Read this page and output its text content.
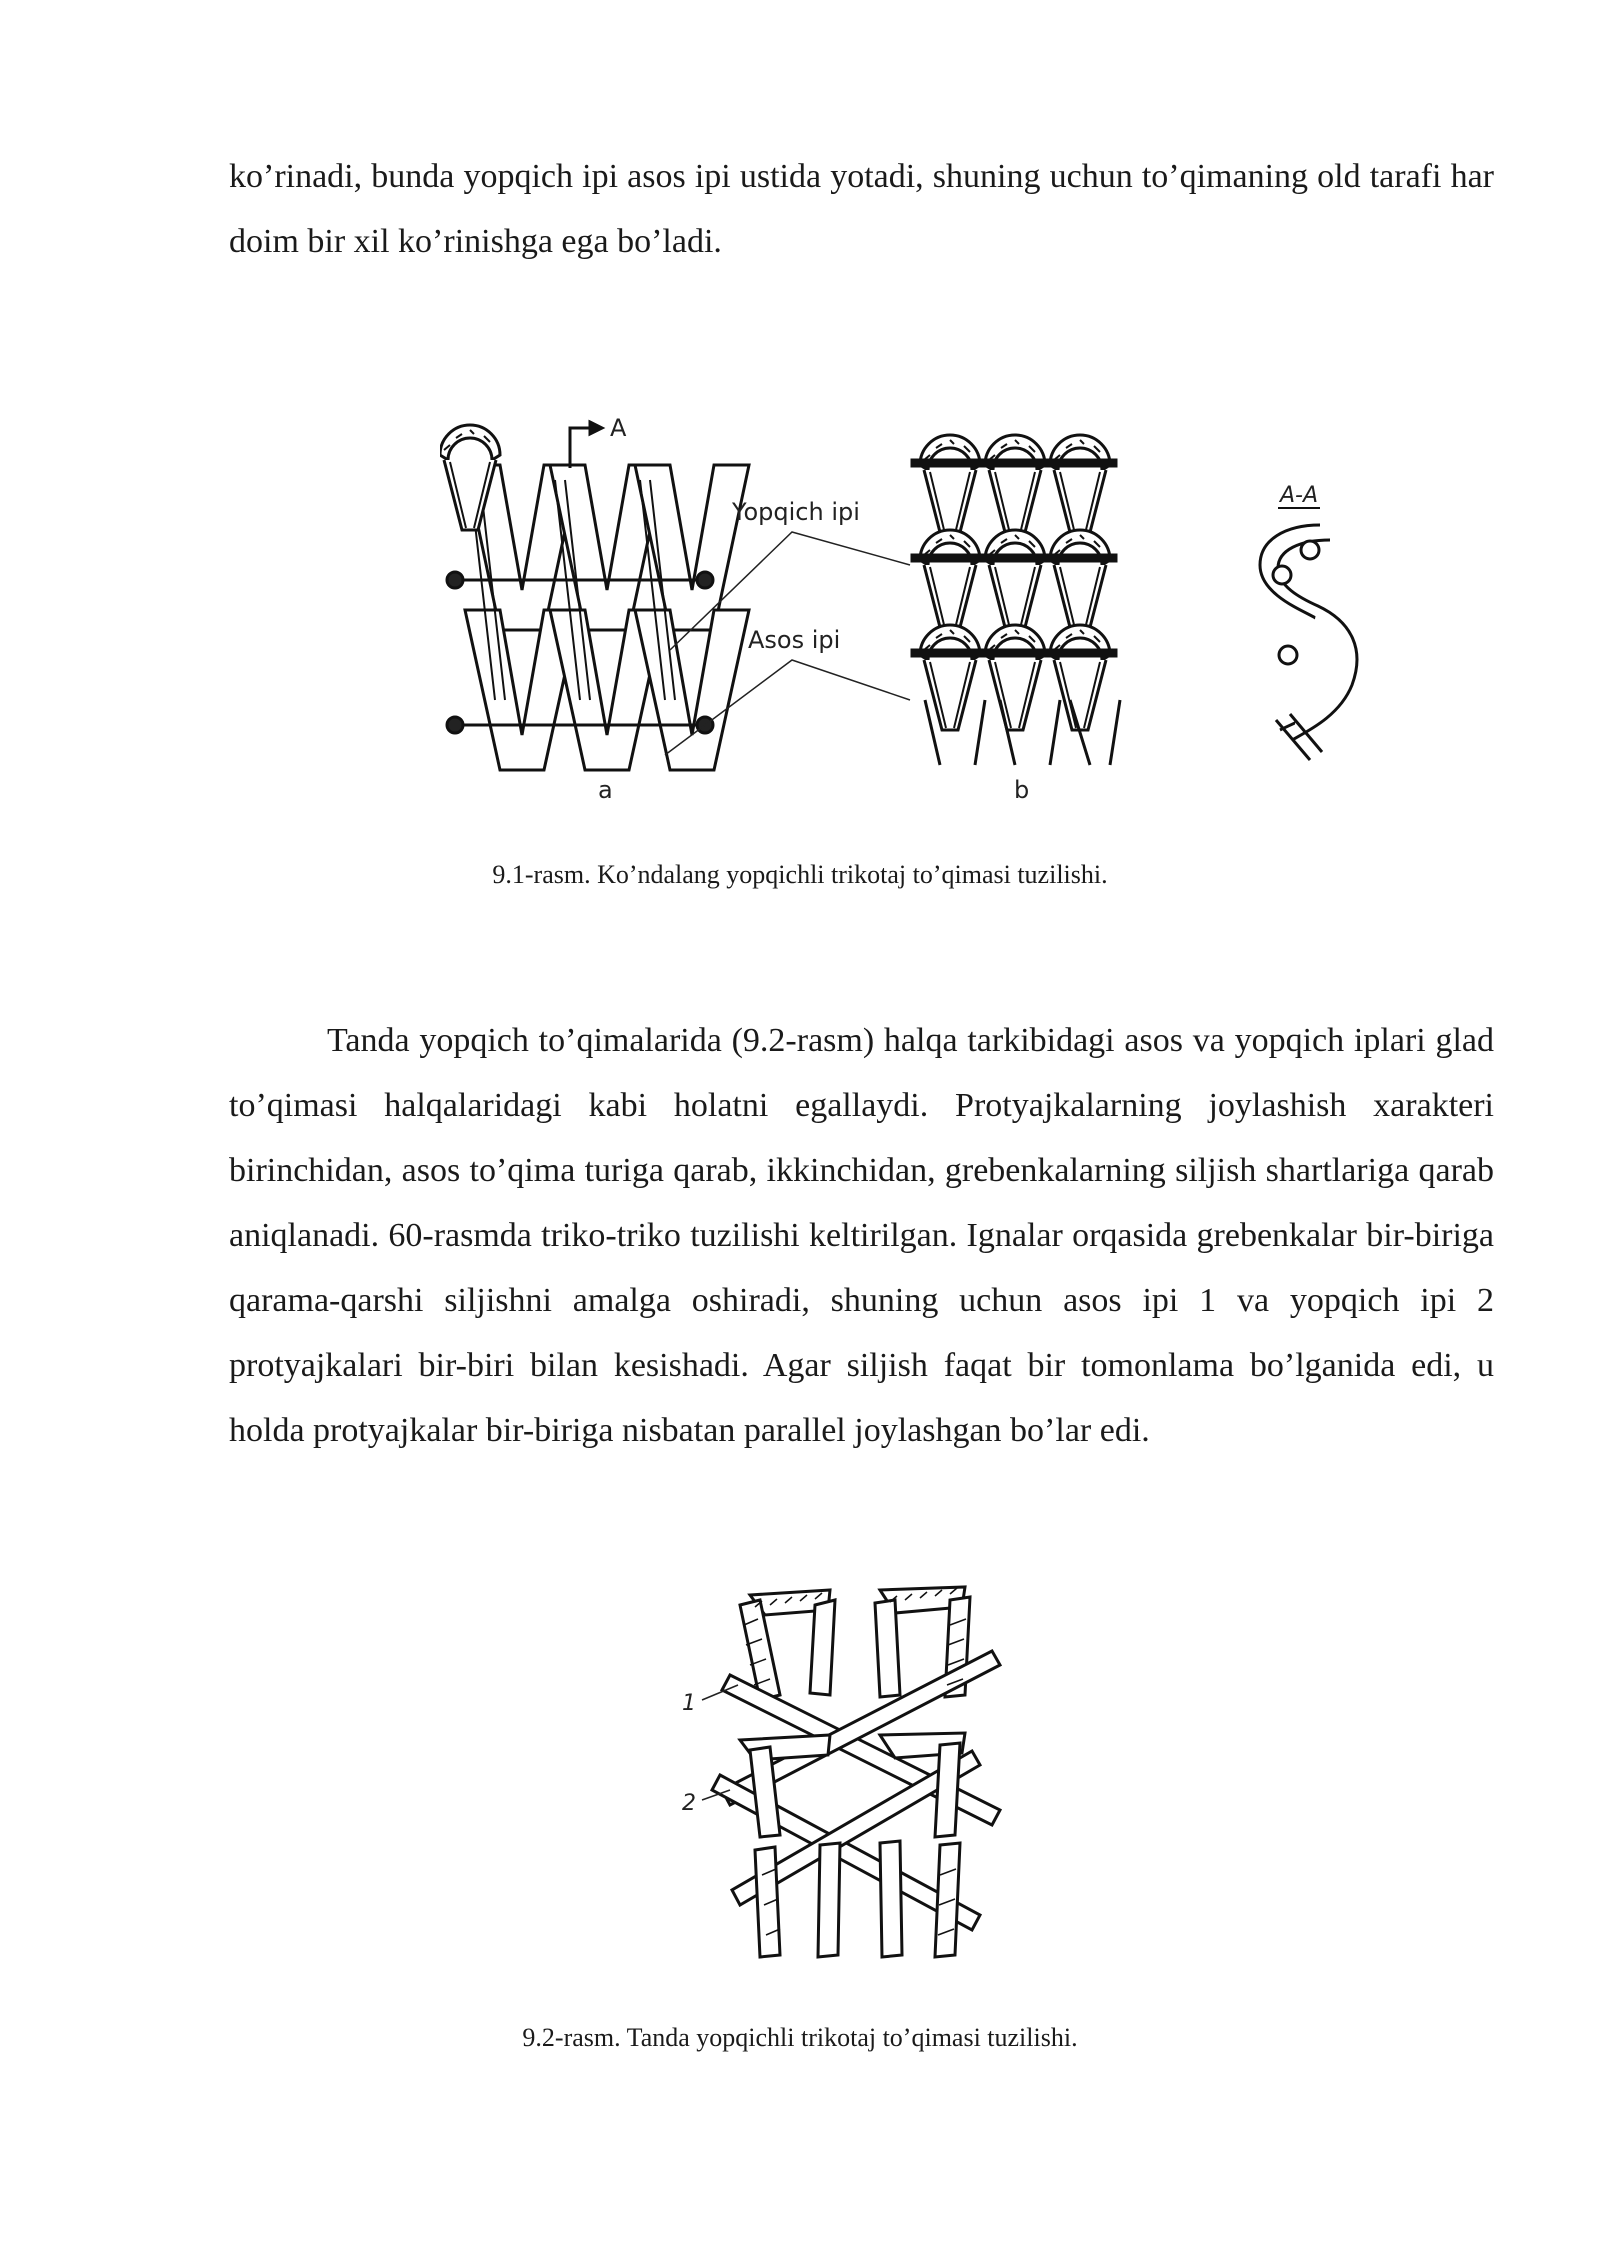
ko’rinadi, bunda yopqich ipi asos ipi ustida yotadi, shuning uchun to’qimaning old tarafi har doim bir xil ko’rinishga ega bo’ladi.

A
Yopqich ipi
Asos ipi
a	b
A-A

9.1-rasm. Ko’ndalang yopqichli trikotaj to’qimasi tuzilishi.

Tanda yopqich to’qimalarida (9.2-rasm) halqa tarkibidagi asos va yopqich iplari glad to’qimasi halqalaridagi kabi holatni egallaydi. Protyajkalarning joylashish xarakteri birinchidan, asos to’qima turiga qarab, ikkinchidan, grebenkalarning siljish shartlariga qarab aniqlanadi. 60-rasmda triko-triko tuzilishi keltirilgan. Ignalar orqasida grebenkalar bir-biriga qarama-qarshi siljishni amalga oshiradi, shuning uchun asos ipi 1 va yopqich ipi 2 protyajkalari bir-biri bilan kesishadi. Agar siljish faqat bir tomonlama bo’lganida edi, u holda protyajkalar bir-biriga nisbatan parallel joylashgan bo’lar edi.

1
2

9.2-rasm. Tanda yopqichli trikotaj to’qimasi tuzilishi.
